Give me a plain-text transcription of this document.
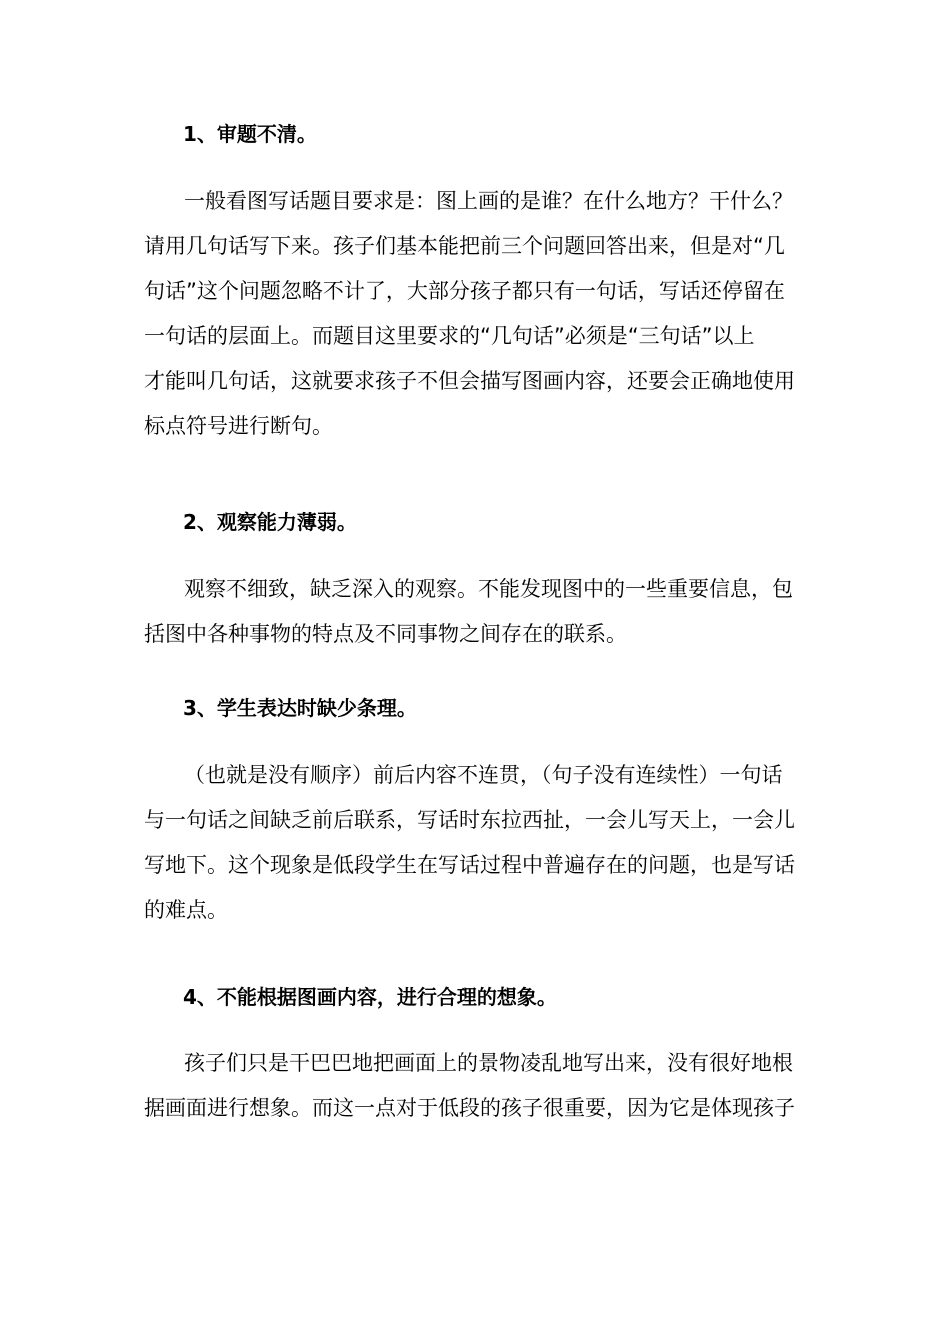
1、审题不清。
一般看图写话题目要求是：图上画的是谁？在什么地方？干什么？
请用几句话写下来。孩子们基本能把前三个问题回答出来，但是对“几
句话”这个问题忽略不计了，大部分孩子都只有一句话，写话还停留在
一句话的层面上。而题目这里要求的“几句话”必须是“三句话”以上
才能叫几句话，这就要求孩子不但会描写图画内容，还要会正确地使用
标点符号进行断句。
2、观察能力薄弱。
观察不细致，缺乏深入的观察。不能发现图中的一些重要信息，包
括图中各种事物的特点及不同事物之间存在的联系。
3、学生表达时缺少条理。
（也就是没有顺序）前后内容不连贯，（句子没有连续性）一句话
与一句话之间缺乏前后联系，写话时东拉西扯，一会儿写天上，一会儿
写地下。这个现象是低段学生在写话过程中普遍存在的问题，也是写话
的难点。
4、不能根据图画内容，进行合理的想象。
孩子们只是干巴巴地把画面上的景物凌乱地写出来，没有很好地根
据画面进行想象。而这一点对于低段的孩子很重要，因为它是体现孩子
